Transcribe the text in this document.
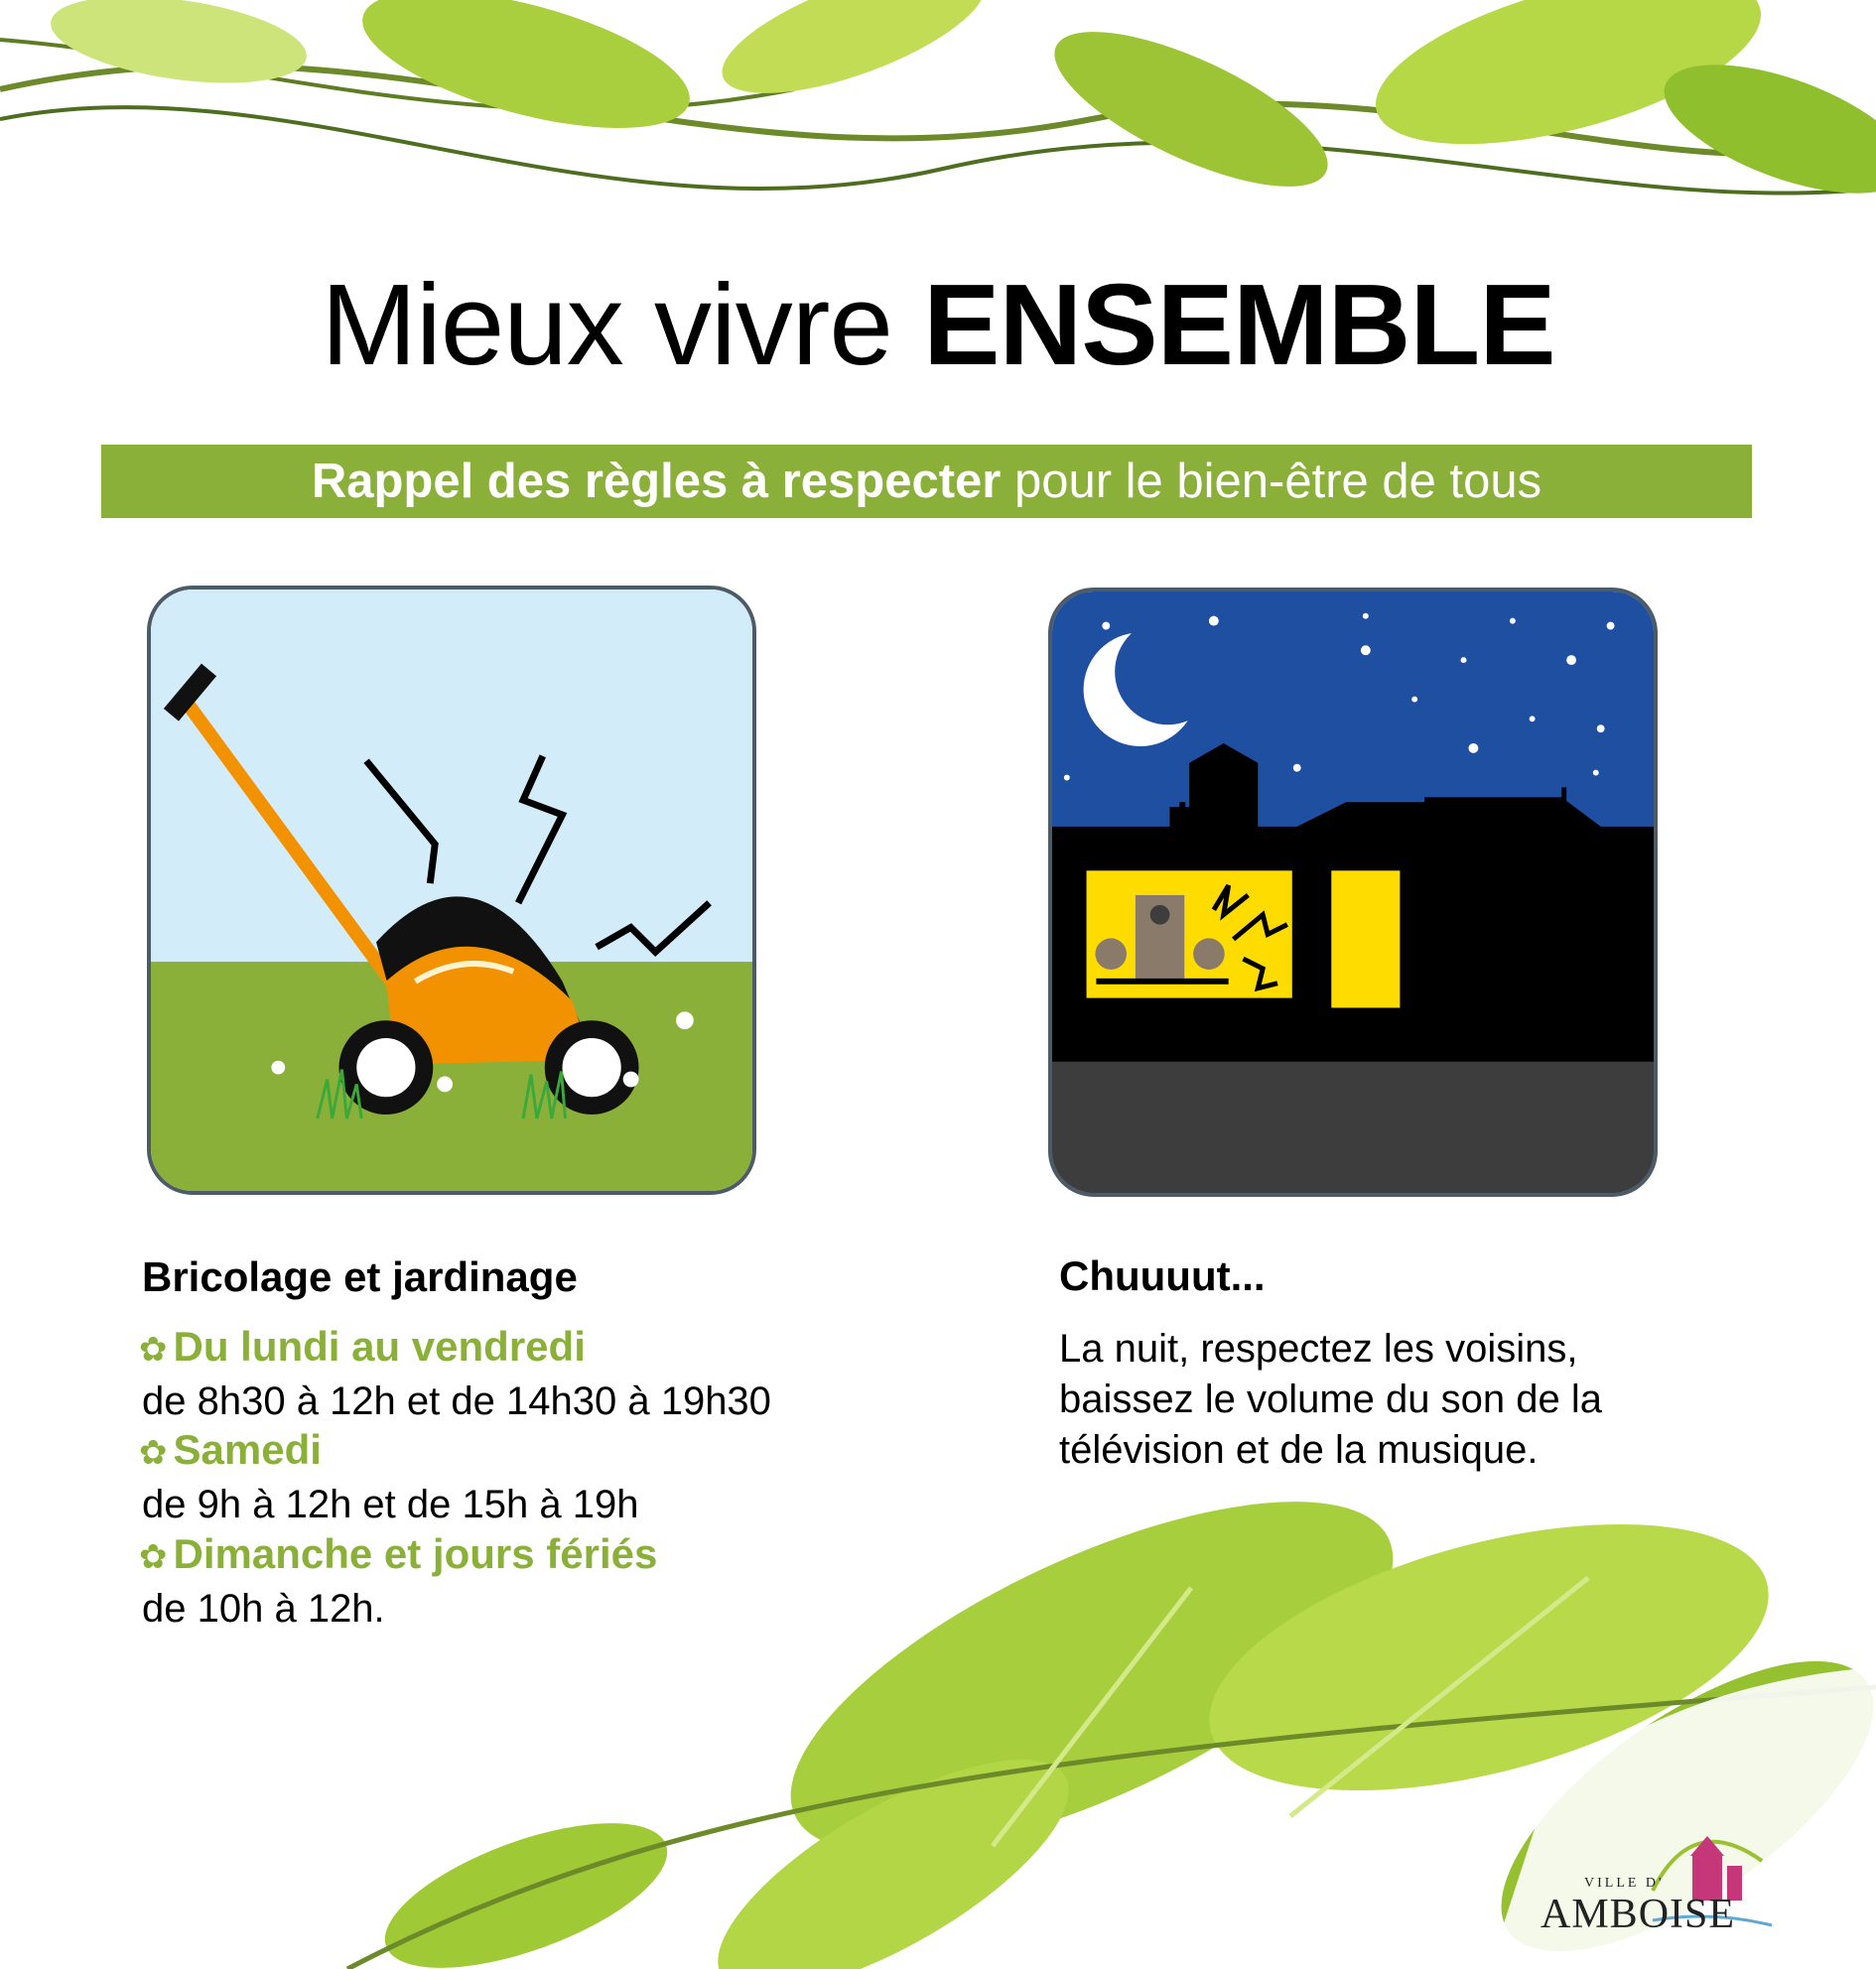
Mieux vivre ENSEMBLE
Rappel des règles à respecter pour le bien-être de tous
Bricolage et jardinage
✿ Du lundi au vendredi
de 8h30 à 12h et de 14h30 à 19h30
✿ Samedi
de 9h à 12h et de 15h à 19h
✿ Dimanche et jours fériés
de 10h à 12h.
Chuuuut...
La nuit, respectez les voisins,
baissez le volume du son de la
télévision et de la musique.
VILLE D'
AMBOISE
